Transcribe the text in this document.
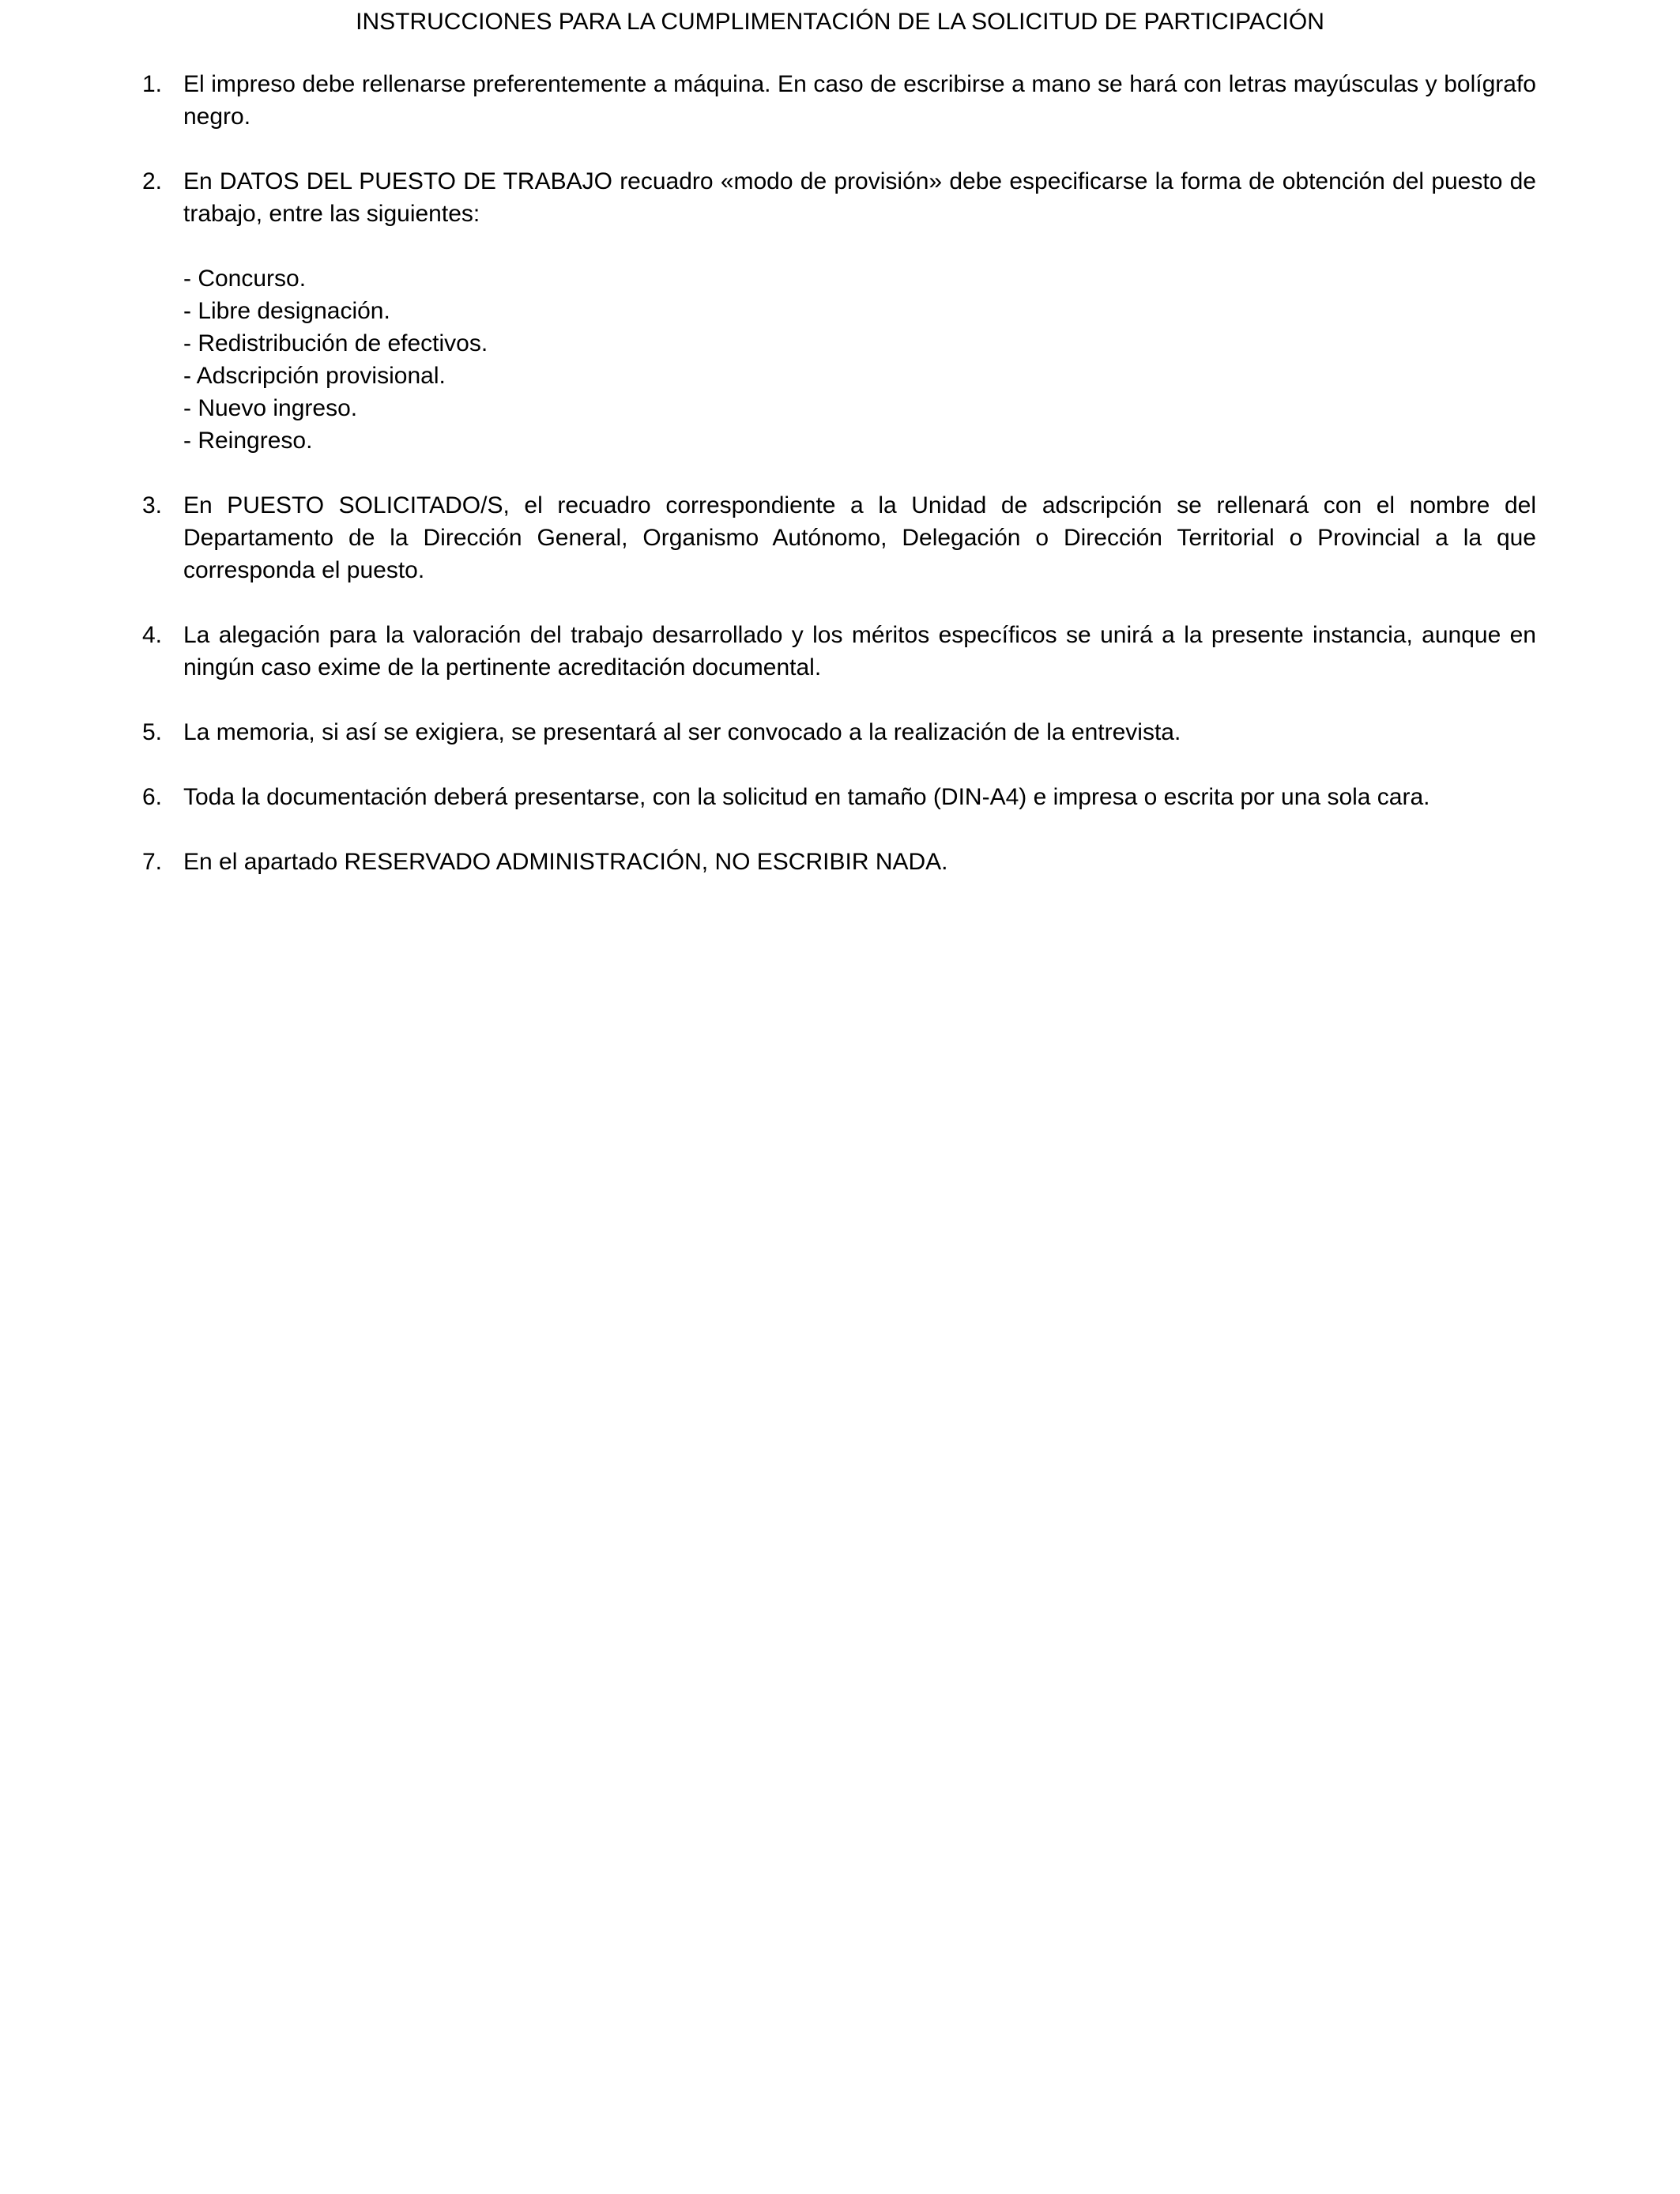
INSTRUCCIONES PARA LA CUMPLIMENTACIÓN DE LA SOLICITUD DE PARTICIPACIÓN
1. El impreso debe rellenarse preferentemente a máquina. En caso de escribirse a mano se hará con letras mayúsculas y bolígrafo negro.
2. En DATOS DEL PUESTO DE TRABAJO recuadro «modo de provisión» debe especificarse la forma de obtención del puesto de trabajo, entre las siguientes:
- Concurso.
- Libre designación.
- Redistribución de efectivos.
- Adscripción provisional.
- Nuevo ingreso.
- Reingreso.
3. En PUESTO SOLICITADO/S, el recuadro correspondiente a la Unidad de adscripción se rellenará con el nombre del Departamento de la Dirección General, Organismo Autónomo, Delegación o Dirección Territorial o Provincial a la que corresponda el puesto.
4. La alegación para la valoración del trabajo desarrollado y los méritos específicos se unirá a la presente instancia, aunque en ningún caso exime de la pertinente acreditación documental.
5. La memoria, si así se exigiera, se presentará al ser convocado a la realización de la entrevista.
6. Toda la documentación deberá presentarse, con la solicitud en tamaño (DIN-A4) e impresa o escrita por una sola cara.
7. En el apartado RESERVADO ADMINISTRACIÓN, NO ESCRIBIR NADA.
